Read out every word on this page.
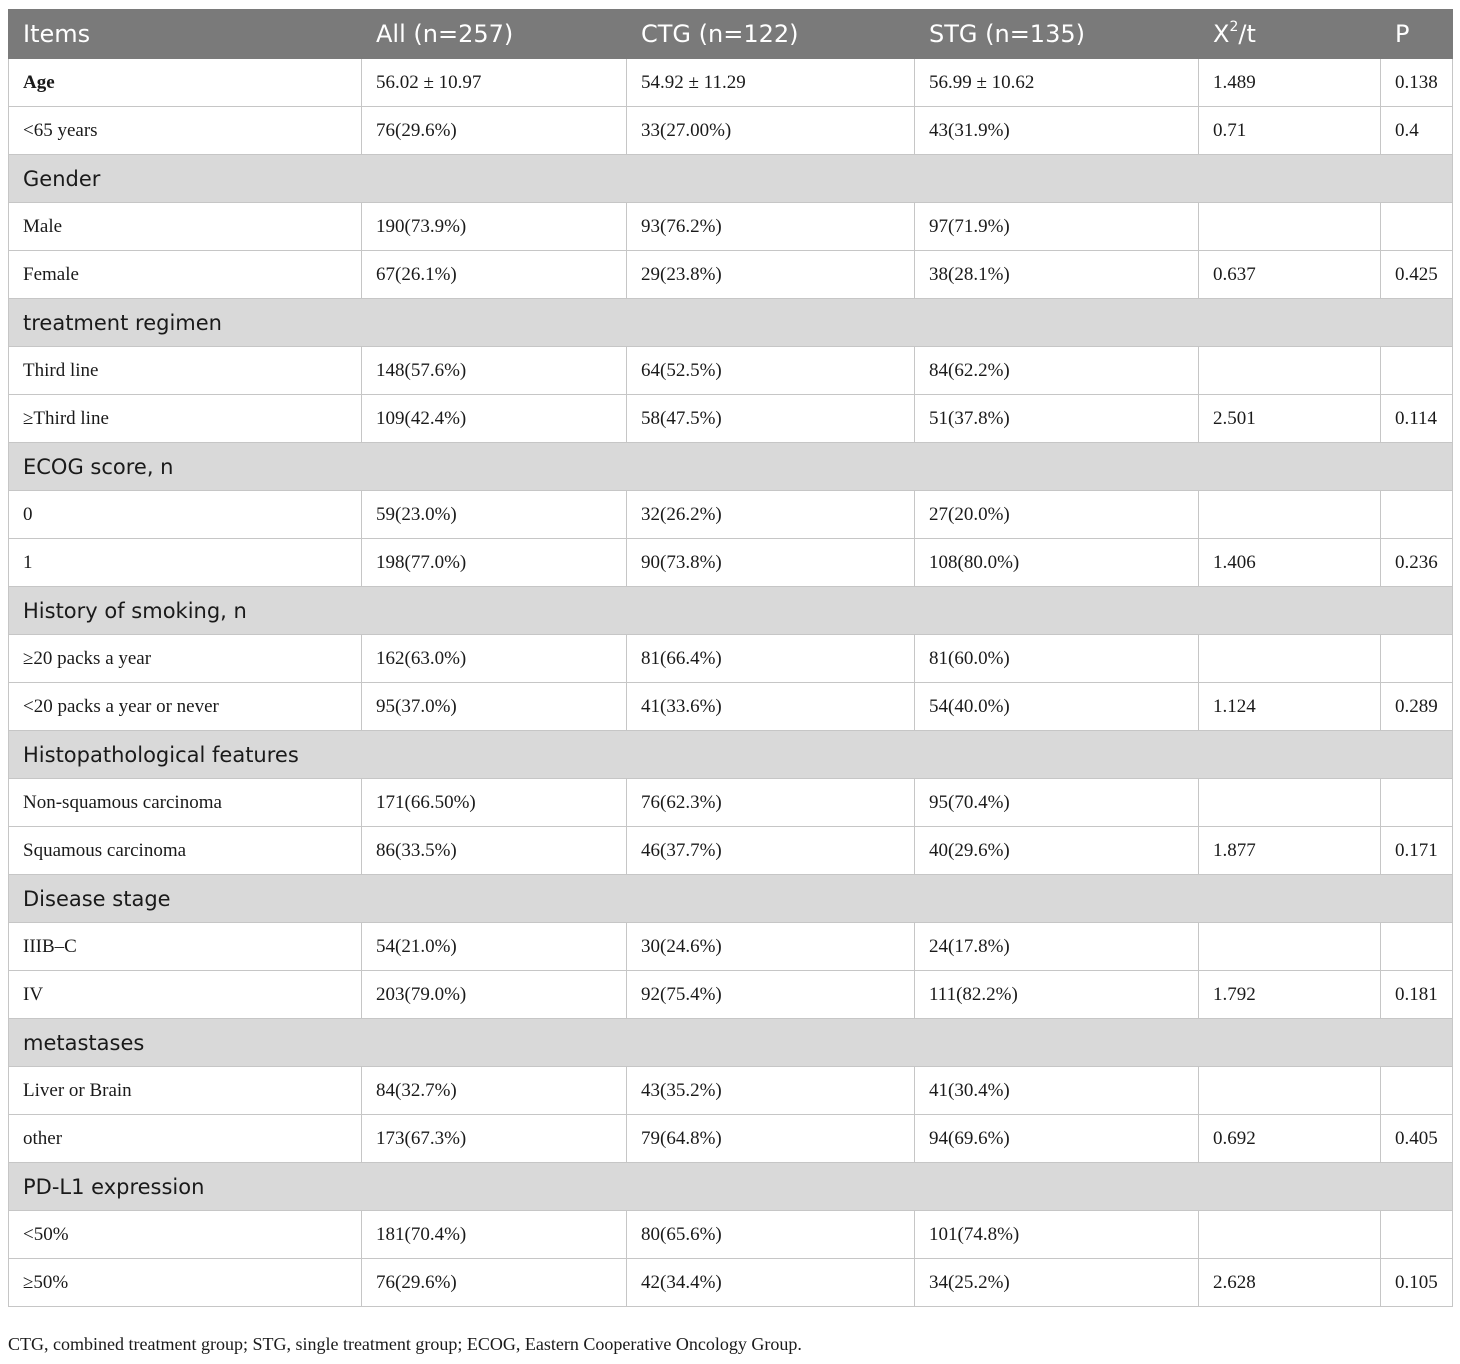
Items	All (n=257)	CTG (n=122)	STG (n=135)	$X^2/t$	P
Age	56.02 ± 10.97	54.92 ± 11.29	56.99 ± 10.62	1.489	0.138
<65 years	76(29.6%)	33(27.00%)	43(31.9%)	0.71	0.4
Gender					
Male	190(73.9%)	93(76.2%)	97(71.9%)		
Female	67(26.1%)	29(23.8%)	38(28.1%)	0.637	0.425
treatment regimen					
Third line	148(57.6%)	64(52.5%)	84(62.2%)		
≥Third line	109(42.4%)	58(47.5%)	51(37.8%)	2.501	0.114
ECOG score, n					
0	59(23.0%)	32(26.2%)	27(20.0%)		
1	198(77.0%)	90(73.8%)	108(80.0%)	1.406	0.236
History of smoking, n					
≥20 packs a year	162(63.0%)	81(66.4%)	81(60.0%)		
<20 packs a year or never	95(37.0%)	41(33.6%)	54(40.0%)	1.124	0.289
Histopathological features					
Non-squamous carcinoma	171(66.50%)	76(62.3%)	95(70.4%)		
Squamous carcinoma	86(33.5%)	46(37.7%)	40(29.6%)	1.877	0.171
Disease stage					
IIIB–C	54(21.0%)	30(24.6%)	24(17.8%)		
IV	203(79.0%)	92(75.4%)	111(82.2%)	1.792	0.181
metastases					
Liver or Brain	84(32.7%)	43(35.2%)	41(30.4%)		
other	173(67.3%)	79(64.8%)	94(69.6%)	0.692	0.405
PD-L1 expression					
<50%	181(70.4%)	80(65.6%)	101(74.8%)		
≥50%	76(29.6%)	42(34.4%)	34(25.2%)	2.628	0.105
CTG, combined treatment group; STG, single treatment group; ECOG, Eastern Cooperative Oncology Group.
